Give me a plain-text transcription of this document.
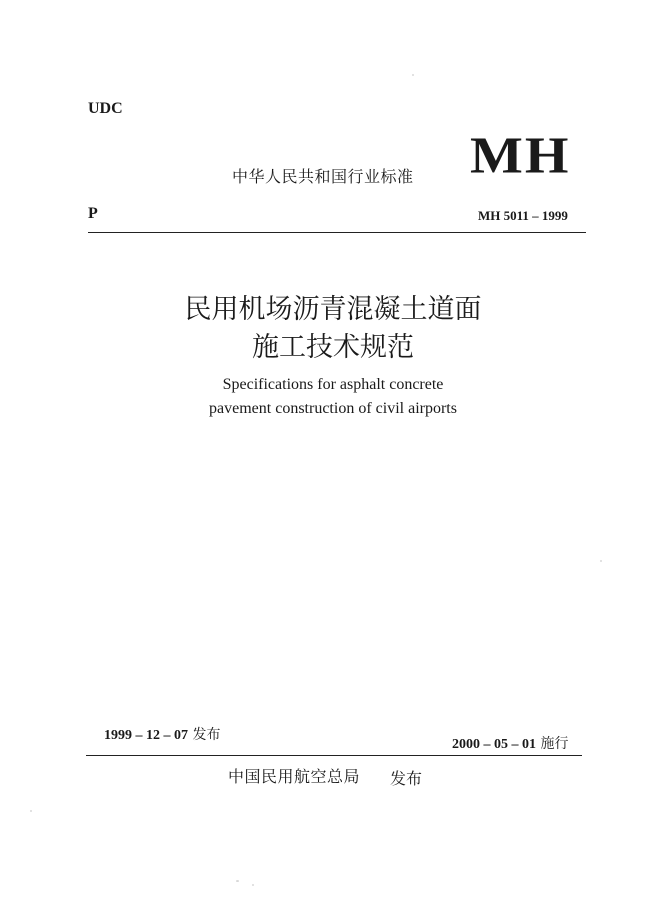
UDC
中华人民共和国行业标准 MH
P	MH 5011 – 1999
民用机场沥青混凝土道面
施工技术规范
Specifications for asphalt concrete
pavement construction of civil airports
1999 – 12 – 07 发布
2000 – 05 – 01 施行
中国民用航空总局 发布
